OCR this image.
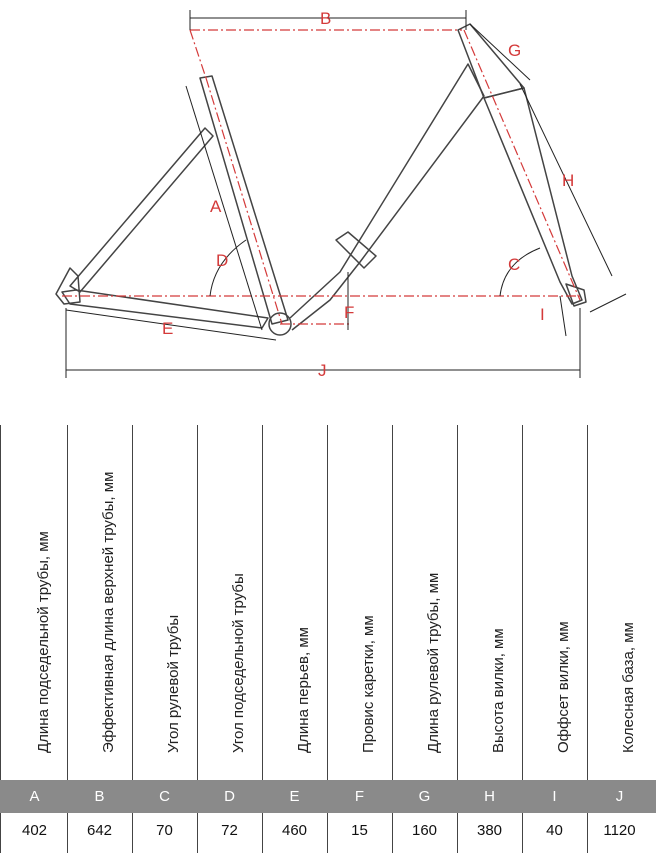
A
B
C
D
E
F
G
H
I
J
Длина подседельной трубы, мм	Эффективная длина верхней трубы, мм	Угол рулевой трубы	Угол подседельной трубы	Длина перьев, мм	Провис каретки, мм	Длина рулевой трубы, мм	Высота вилки, мм	Оффсет вилки, мм	Колесная база, мм
A	B	C	D	E	F	G	H	I	J
402	642	70	72	460	15	160	380	40	1120
